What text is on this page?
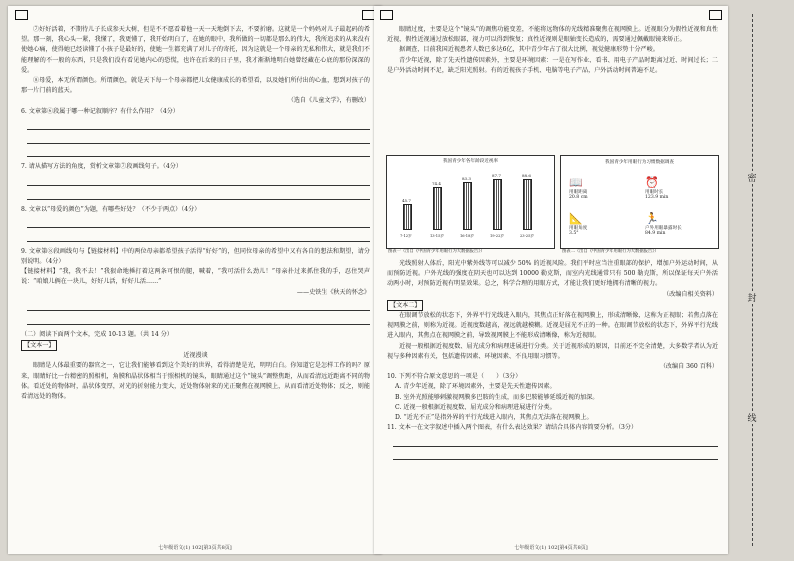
⑦好好活着，不期待儿子长成参天大树，但是不不愿看着他一天一天地倒下去，不要折磨。这就是一个妈妈对儿子最起码的希望。那一刻，我心头一紧，我懂了，我更懂了，我开始明白了，在她的眼中，我所做的一切都是那么的伟大，我所追求的从来没有使她心痛，使得她已经读懂了小孩子是最好的，使她一生都充满了对儿子的寄托，因为这就是一个母亲的无私和伟大，就是我们不能理解的不一般的东西，只是我们没有看见她内心的恐慌，也许在后来的日子里，我才渐渐地明白她曾经藏在心底的那份深深的爱。

⑧母爱，本无所谓颜色。所谓颜色，就是天下每一个母亲都把儿女健康成长的希望看，以及她们所付出的心血，想到对孩子的那一片门前的蓝天。

（选自《儿童文学》，有删改）

6. 文章第⑥段属于哪一种记叙顺序？有什么作用？（4分）

7. 请从描写方法的角度，赏析文章第⑦段画线句子。（4分）

8. 文章以“母爱的颜色”为题，有哪些好处？（不少于两点）（4分）

9. 文章第⑧段画线句与【链接材料】中的两位母亲都希望孩子活得“好好”的，但同位母亲的希望中又有各自的想法和期望，请分别说明。（4分）

【链接材料】“我，我不去！”我狠命地捶打着这两条可恨的腿，喊着，“我可活什么劲儿！”母亲扑过来抓住我的手，忍住哭声说：“咱娘儿俩在一块儿，好好儿活，好好儿活……”

——史铁生《秋天的怀念》

（二）阅读下面两个文本，完成 10-13 题。（共 14 分）

【文本一】

近视漫谈

眼睛是人体最重要的器官之一，它让我们能够看到这个美好的世界，看得清楚是光，明明白白。你知道它是怎样工作的吗？原来，眼睛好比一台精密的照相机，角膜和晶状体相当于照相机的镜头，眼睛通过这个“镜头”调整焦距，从而看清远近距离不同的物体。看近处的物体时，晶状体变厚，对光的折射能力变大，近处物体射来的光正聚焦在视网膜上，从而看清近处物体；反之，则能看清远处的物体。

七年级语文(1) 102[第3页共8页]

眼睛过度，主要是这个“镜头”的调焦功能变差，不能将远物体的光线精准聚焦在视网膜上。近视眼分为假性近视和真性近视，假性近视通过放松眼部，视力可以得到恢复；真性近视则是眼轴变长造成的，需要通过佩戴眼镜来矫正。

据调查，目前我国近视患者人数已多达6亿，其中青少年占了很大比例，视觉健康形势十分严峻。

青少年近视，除了先天性遗传因素外，主要是环境因素：一是在写作业、看书、用电子产品时距离过近、时间过长；二是户外活动时间不足，缺乏阳光照射。有的近视孩子手机、电脑等电子产品，户外活动时间普遍不足。

我国青少年各年龄段近视率
45.7
7-12岁
74.4
13-15岁
83.3
16-18岁
87.7
19-22岁
88.6
23-25岁
图表一（出自《中国青少年用眼行为大数据报告》）
我国青少年用眼行为习惯数据调查
📖
用眼距离
20.8 cm
⏰
用眼时长
123.9 min
📐
用眼角度
3.5°
🏃
户外用眼暴露时长
84.9 min
图表二（出自《中国青少年用眼行为大数据报告》）

光线照射人体后，阳光中紫外线等可以减少 50% 的近视风险。我们平时应当注重眼部的保护，增加户外运动时间，从而预防近视。户外光线的强度在阴天也可以达到 10000 勒克斯，而室内光线通常只有 500 勒克斯，所以保证每天户外活动两小时，对预防近视有明显效果。总之，科学合理的用眼方式，才能让我们更好地拥有清晰的视力。

（改编自相关资料）

【文本二】

在眼调节放松的状态下，外界平行光线进入眼内，其焦点正好落在视网膜上，形成清晰像，这称为正视眼；若焦点落在视网膜之前，则称为近视。近视度数越高，视远就越模糊。近视是屈光不正的一种。在眼调节放松的状态下，外界平行光线进入眼内，其焦点在视网膜之前，导致视网膜上不能形成清晰像，称为近视眼。

近视一般根据近视度数、屈光成分和病理进展进行分类。关于近视形成的原因，目前还不完全清楚，大多数学者认为近视与多种因素有关，包括遗传因素、环境因素、不良用眼习惯等。

（改编自 360 百科）

10. 下列不符合原文意思的一项是（　　）（3分）

A. 青少年近视，除了环境因素外，主要是先天性遗传因素。

B. 室外光照能够刺激视网膜多巴胺的生成，而多巴胺能够延缓近视的加深。

C. 近视一般根据近视度数、屈光成分和病理进展进行分类。

D. “近光不正”是指外界的平行光线进入眼内，其焦点无法落在视网膜上。

11. 文本一在文字叙述中插入两个图表，有什么表达效果？请结合具体内容简要分析。（3分）

七年级语文(1) 102[第4页共8页]
密
封
线
